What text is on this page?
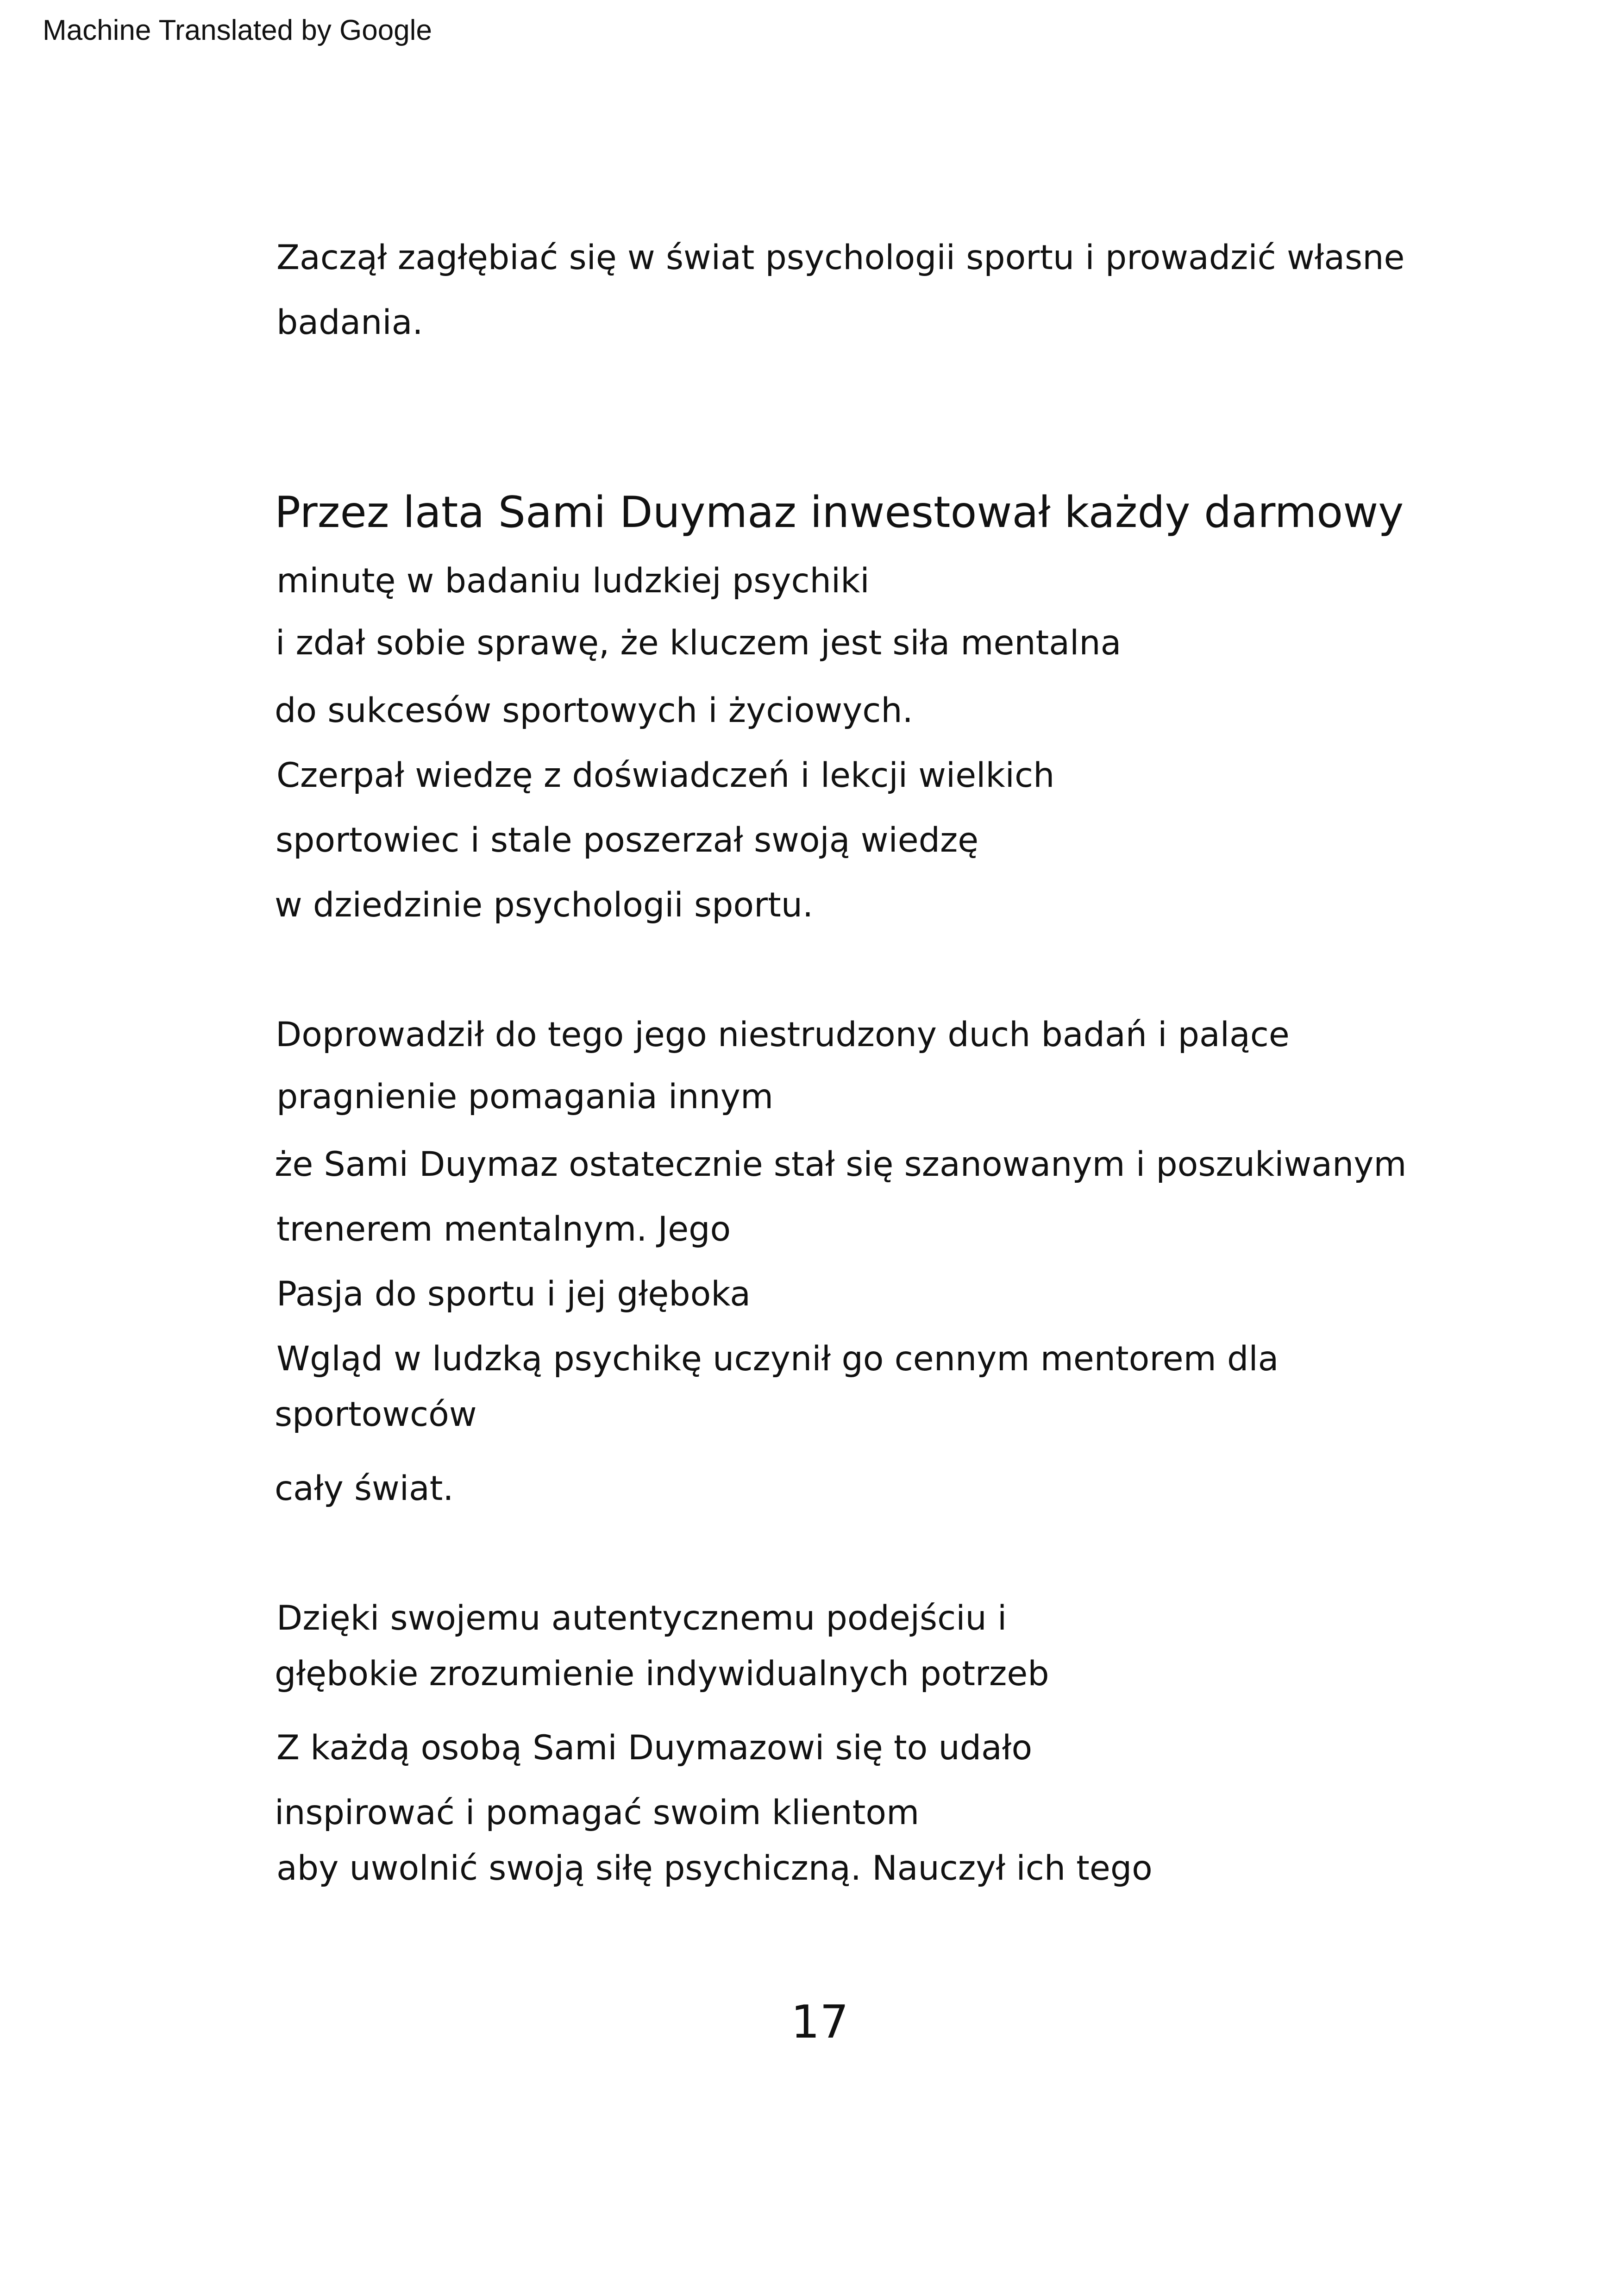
Machine Translated by Google
Zaczął zagłębiać się w świat psychologii sportu i prowadzić własne
badania.
Przez lata Sami Duymaz inwestował każdy darmowy
minutę w badaniu ludzkiej psychiki
i zdał sobie sprawę, że kluczem jest siła mentalna
do sukcesów sportowych i życiowych.
Czerpał wiedzę z doświadczeń i lekcji wielkich
sportowiec i stale poszerzał swoją wiedzę
w dziedzinie psychologii sportu.
Doprowadził do tego jego niestrudzony duch badań i palące
pragnienie pomagania innym
że Sami Duymaz ostatecznie stał się szanowanym i poszukiwanym
trenerem mentalnym. Jego
Pasja do sportu i jej głęboka
Wgląd w ludzką psychikę uczynił go cennym mentorem dla
sportowców
cały świat.
Dzięki swojemu autentycznemu podejściu i
głębokie zrozumienie indywidualnych potrzeb
Z każdą osobą Sami Duymazowi się to udało
inspirować i pomagać swoim klientom
aby uwolnić swoją siłę psychiczną. Nauczył ich tego
17
